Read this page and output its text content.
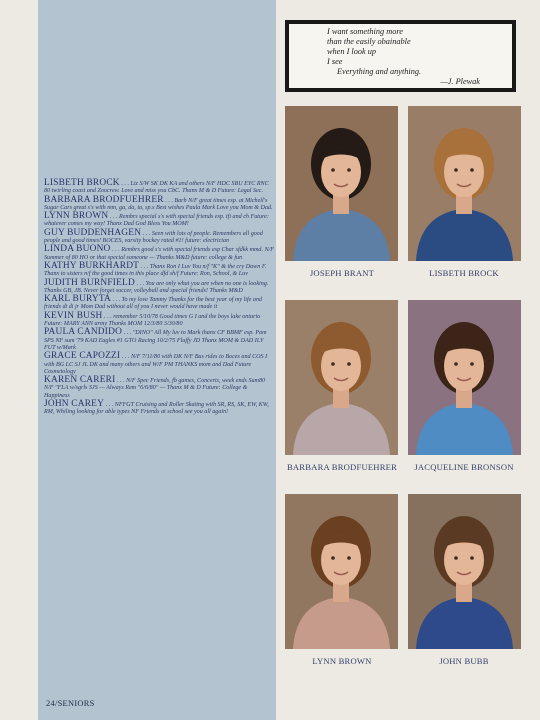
LISBETH BROCK . . . Liz S/W SK DK KA and others N/F HDC SBU EYC RNC 80 twirling coast and Zoocrew. Love and miss you CbC. Thanx M & D Future: Legal Sec.
BARBARA BRODFUEHRER . . . Barb N/F great times esp. at Michell's Sugar Cars great s's with mm, ga, da, ta, sp.s Best wishes Paula Mark Love you Mom & Dad.
LYNN BROWN . . . Rembrs special s's with special friends esp. tfi and ch Future: whatever comes my way! Thanx Dad God Bless You MOM!
GUY BUDDENHAGEN . . . Seen with lots of people. Remembers all good people and good times! BOCES, varsity hockey rated #1! future: electrician
LINDA BUONO . . . Rembrs good s's with special friends esp Char sfdkk mmd. N/F Summer of 80 HO or that special someone — Thanks M&D future: college & fun
KATHY BURKHARDT . . . Thanx Ron I Luv You n/f "K" & the cry Dawn F. Thanx to sisters n/f the good times in this place dfd sh/f Future: Ron, School, & Luv
JUDITH BURNFIELD . . . You are only what you are when no one is looking. Thanks GB, JB. Never forget soccer, volleyball and special friends! Thanks M&D
KARL BURYTA . . . To my love Tammy Thanks for the best year of my life and friends dt di jr Mom Dad without all of you I never would have made it
KEVIN BUSH . . . remember 5/10/78 Good times G I and the boys lake ontario Future: MARY ANN army Thanks MOM 12/3/80 3/30/80
PAULA CANDIDO . . . "DINO" All My luv to Mark thanx CF BBMF esp. Pam SPS NF sum '79 KAD Eagles #1 GTO Racing 10/2/75 Fluffy JD Thanx MOM & DAD ILY FUT w/Mark
GRACE CAPOZZI . . . N/F 7/11/80 with DK N/F Bus rides to Boces and COS I with BG LC SJ JL DK and many others and W/F PM THANKS mom and Dad Future Cosmetology
KAREN CARERI . . . N/F Spec Friends, fb games, Concerts, week ends Sum80 N/F "FLA w/sgrls SJS — Always Rem "6/6/80" — Thanx M & D Future: College & Happiness
JOHN CAREY . . . NFFGT Cruising and Roller Skating with SR, RS, SK, EW, KW, RM, Whiling looking for able types NF Friends at school see you all again!
24/SENIORS
I want something more
than the easily obainable
when I look up
I see
Everything and anything.
—J. Plewak
JOSEPH BRANT	LISBETH BROCK
BARBARA BRODFUEHRER	JACQUELINE BRONSON
LYNN BROWN	JOHN BUBB
